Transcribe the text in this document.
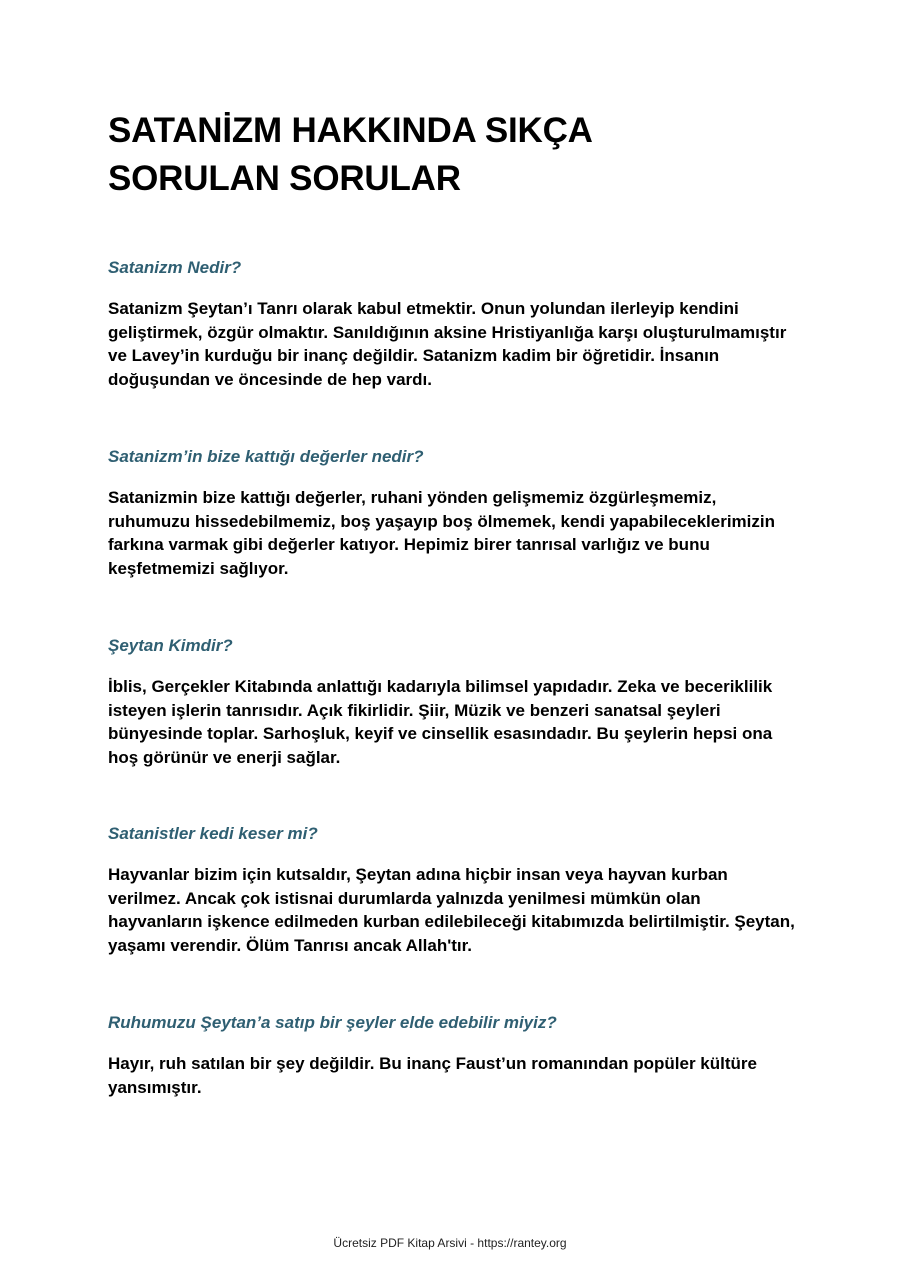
SATANİZM HAKKINDA SIKÇA
SORULAN SORULAR

Satanizm Nedir?

Satanizm Şeytan’ı Tanrı olarak kabul etmektir. Onun yolundan ilerleyip kendini geliştirmek, özgür olmaktır. Sanıldığının aksine Hristiyanlığa karşı oluşturulmamıştır ve Lavey’in kurduğu bir inanç değildir. Satanizm kadim bir öğretidir. İnsanın doğuşundan ve öncesinde de hep vardı.

Satanizm’in bize kattığı değerler nedir?

Satanizmin bize kattığı değerler, ruhani yönden gelişmemiz özgürleşmemiz, ruhumuzu hissedebilmemiz, boş yaşayıp boş ölmemek, kendi yapabileceklerimizin farkına varmak gibi değerler katıyor. Hepimiz birer tanrısal varlığız ve bunu keşfetmemizi sağlıyor.

Şeytan Kimdir?

İblis, Gerçekler Kitabında anlattığı kadarıyla bilimsel yapıdadır. Zeka ve beceriklilik isteyen işlerin tanrısıdır. Açık fikirlidir. Şiir, Müzik ve benzeri sanatsal şeyleri bünyesinde toplar. Sarhoşluk, keyif ve cinsellik esasındadır. Bu şeylerin hepsi ona hoş görünür ve enerji sağlar.

Satanistler kedi keser mi?

Hayvanlar bizim için kutsaldır, Şeytan adına hiçbir insan veya hayvan kurban verilmez. Ancak çok istisnai durumlarda yalnızda yenilmesi mümkün olan hayvanların işkence edilmeden kurban edilebileceği kitabımızda belirtilmiştir. Şeytan, yaşamı verendir. Ölüm Tanrısı ancak Allah'tır.

Ruhumuzu Şeytan’a satıp bir şeyler elde edebilir miyiz?

Hayır, ruh satılan bir şey değildir. Bu inanç Faust’un romanından popüler kültüre yansımıştır.

Ücretsiz PDF Kitap Arsivi - https://rantey.org
